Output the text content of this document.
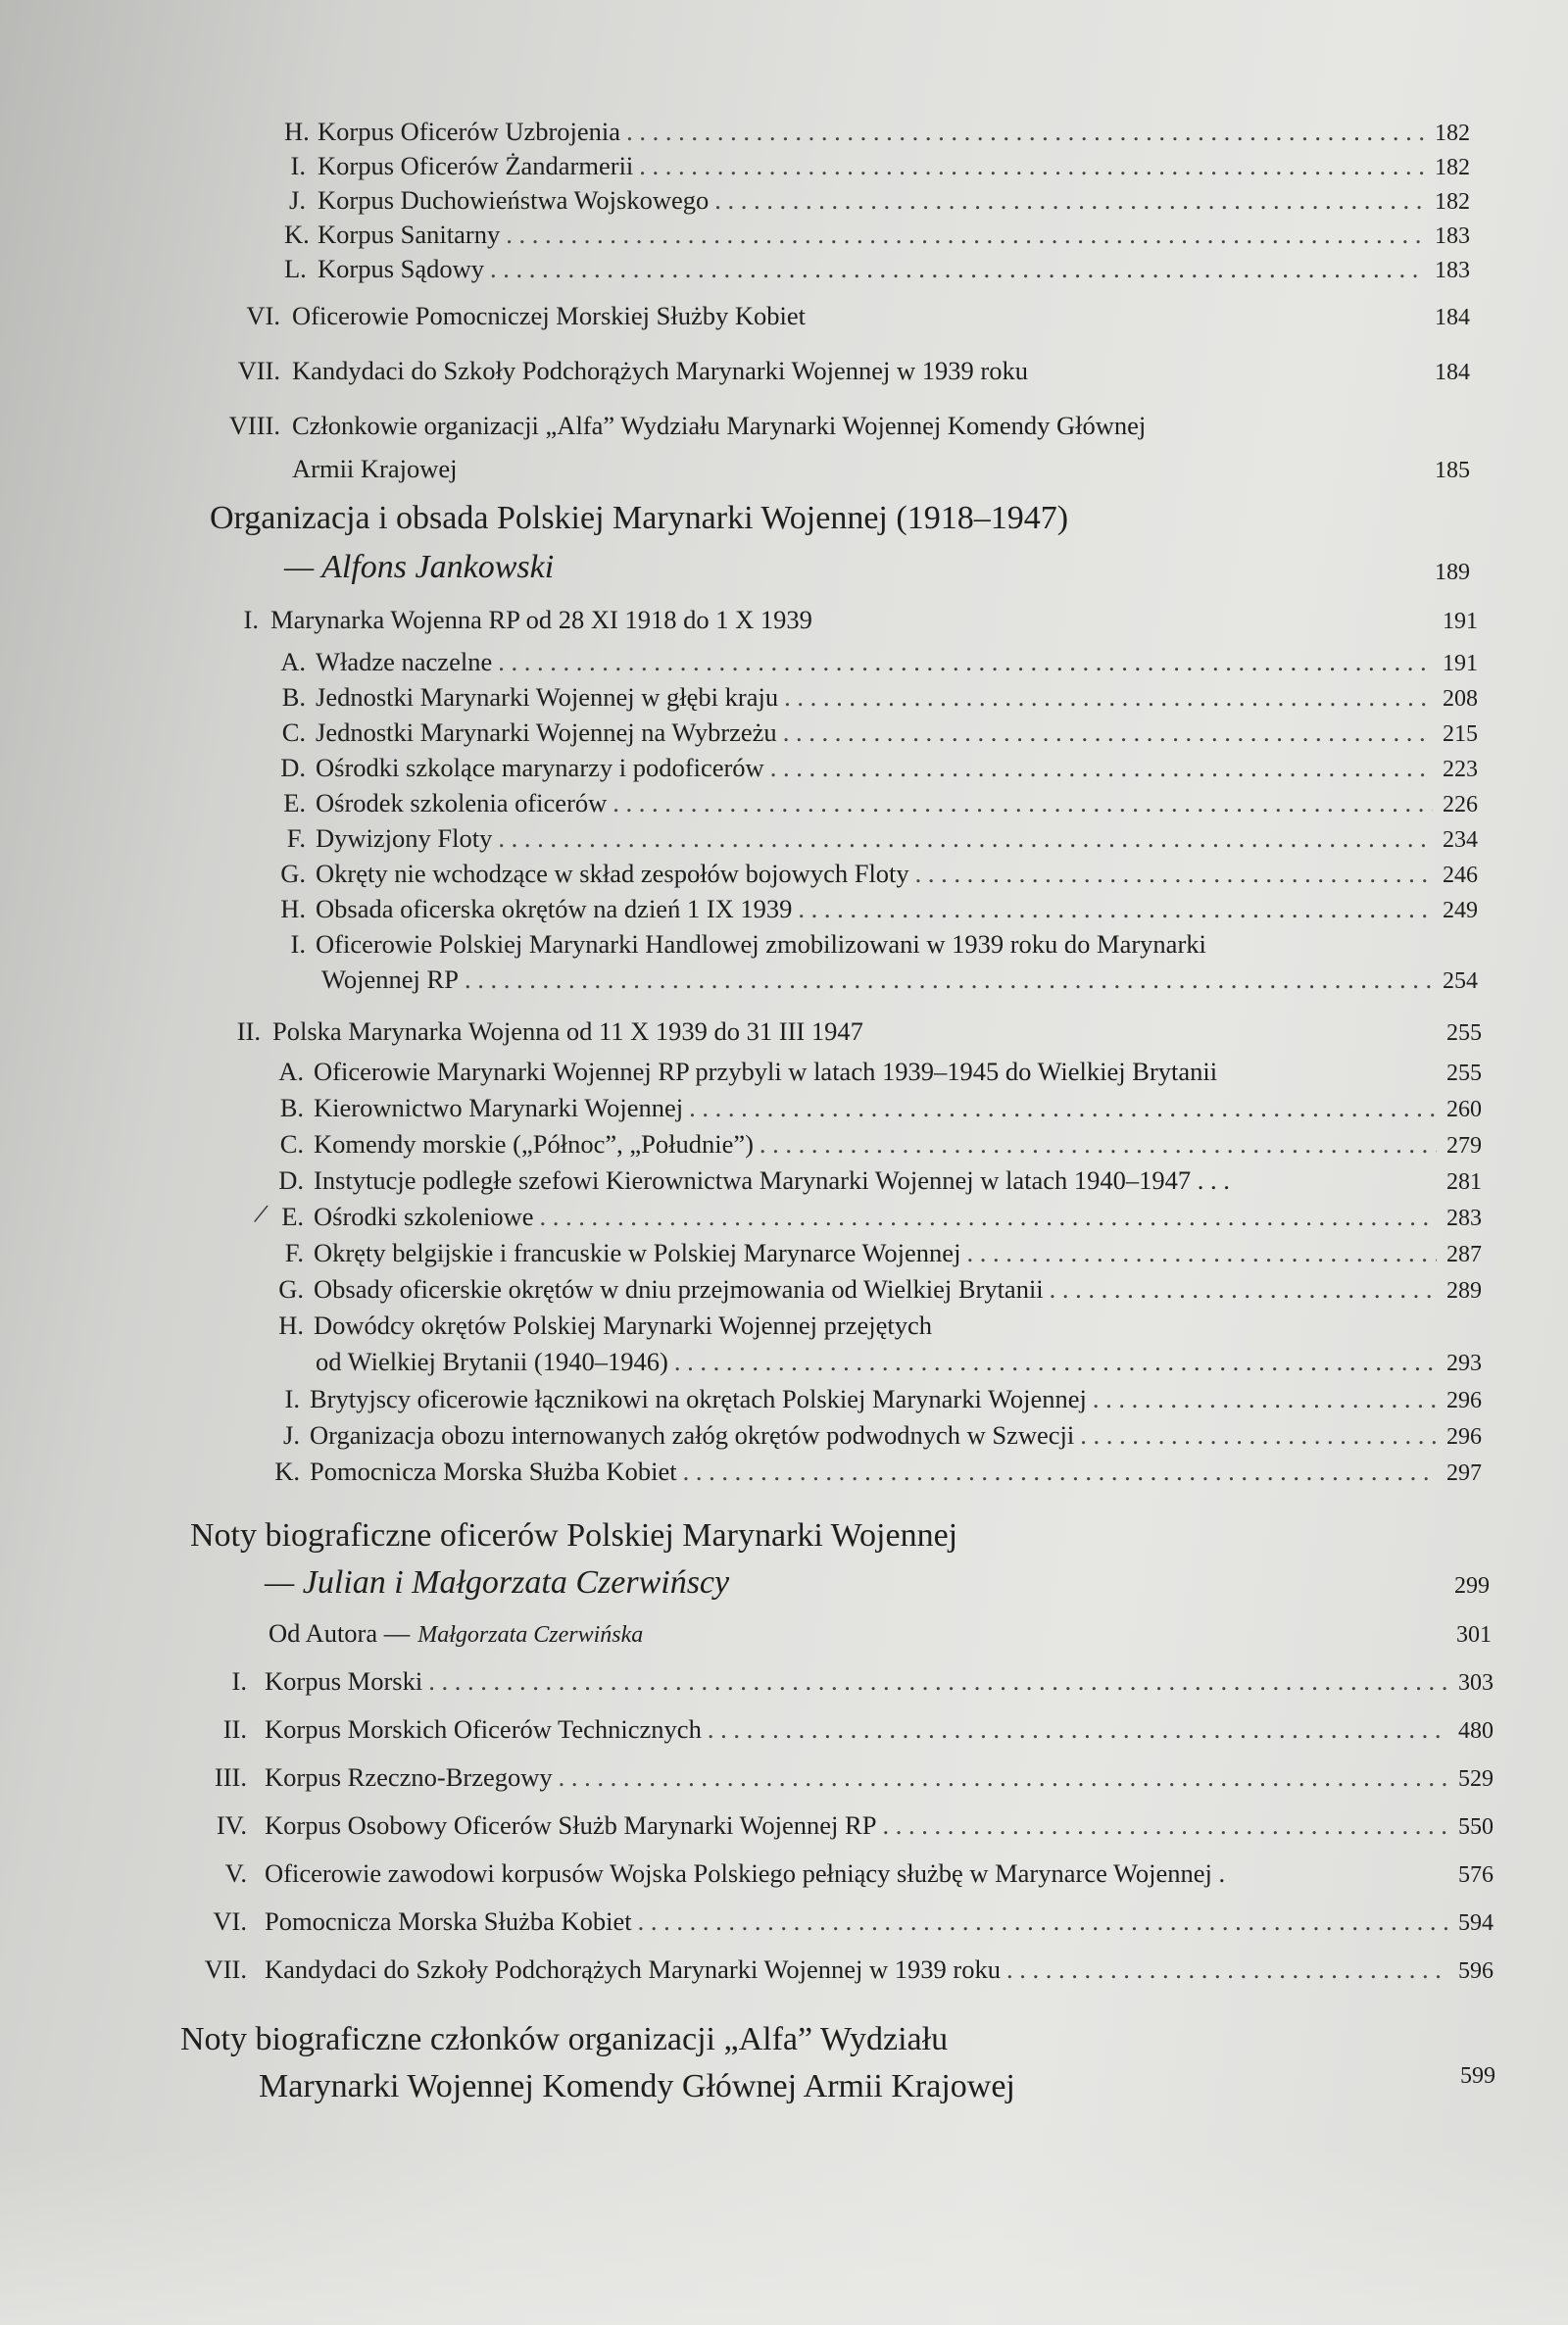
H. Korpus Oficerów Uzbrojenia . . .	182
I. Korpus Oficerów Żandarmerii . . .	182
J. Korpus Duchowieństwa Wojskowego . . .	182
K. Korpus Sanitarny . . .	183
L. Korpus Sądowy . . .	183
VI. Oficerowie Pomocniczej Morskiej Służby Kobiet	184
VII. Kandydaci do Szkoły Podchorążych Marynarki Wojennej w 1939 roku	184
VIII. Członkowie organizacji „Alfa” Wydziału Marynarki Wojennej Komendy Głównej
Armii Krajowej	185
Organizacja i obsada Polskiej Marynarki Wojennej (1918–1947)
— Alfons Jankowski	189
I. Marynarka Wojenna RP od 28 XI 1918 do 1 X 1939	191
A. Władze naczelne . . .	191
B. Jednostki Marynarki Wojennej w głębi kraju . . .	208
C. Jednostki Marynarki Wojennej na Wybrzeżu . . .	215
D. Ośrodki szkolące marynarzy i podoficerów . . .	223
E. Ośrodek szkolenia oficerów . . .	226
F. Dywizjony Floty . . .	234
G. Okręty nie wchodzące w skład zespołów bojowych Floty . . .	246
H. Obsada oficerska okrętów na dzień 1 IX 1939 . . .	249
I. Oficerowie Polskiej Marynarki Handlowej zmobilizowani w 1939 roku do Marynarki
Wojennej RP . . .	254
II. Polska Marynarka Wojenna od 11 X 1939 do 31 III 1947	255
A. Oficerowie Marynarki Wojennej RP przybyli w latach 1939–1945 do Wielkiej Brytanii	255
B. Kierownictwo Marynarki Wojennej . . .	260
C. Komendy morskie („Północ”, „Południe”) . . .	279
D. Instytucje podległe szefowi Kierownictwa Marynarki Wojennej w latach 1940–1947 . . .	281
E. Ośrodki szkoleniowe . . .	283
F. Okręty belgijskie i francuskie w Polskiej Marynarce Wojennej . . .	287
G. Obsady oficerskie okrętów w dniu przejmowania od Wielkiej Brytanii . . .	289
H. Dowódcy okrętów Polskiej Marynarki Wojennej przejętych
od Wielkiej Brytanii (1940–1946) . . .	293
I. Brytyjscy oficerowie łącznikowi na okrętach Polskiej Marynarki Wojennej . . .	296
J. Organizacja obozu internowanych załóg okrętów podwodnych w Szwecji . . .	296
K. Pomocnicza Morska Służba Kobiet . . .	297
/
Noty biograficzne oficerów Polskiej Marynarki Wojennej
— Julian i Małgorzata Czerwińscy	299
Od Autora — Małgorzata Czerwińska	301
I. Korpus Morski . . .	303
II. Korpus Morskich Oficerów Technicznych . . .	480
III. Korpus Rzeczno-Brzegowy . . .	529
IV. Korpus Osobowy Oficerów Służb Marynarki Wojennej RP . . .	550
V. Oficerowie zawodowi korpusów Wojska Polskiego pełniący służbę w Marynarce Wojennej .	576
VI. Pomocnicza Morska Służba Kobiet . . .	594
VII. Kandydaci do Szkoły Podchorążych Marynarki Wojennej w 1939 roku . . .	596
Noty biograficzne członków organizacji „Alfa” Wydziału
Marynarki Wojennej Komendy Głównej Armii Krajowej	599
